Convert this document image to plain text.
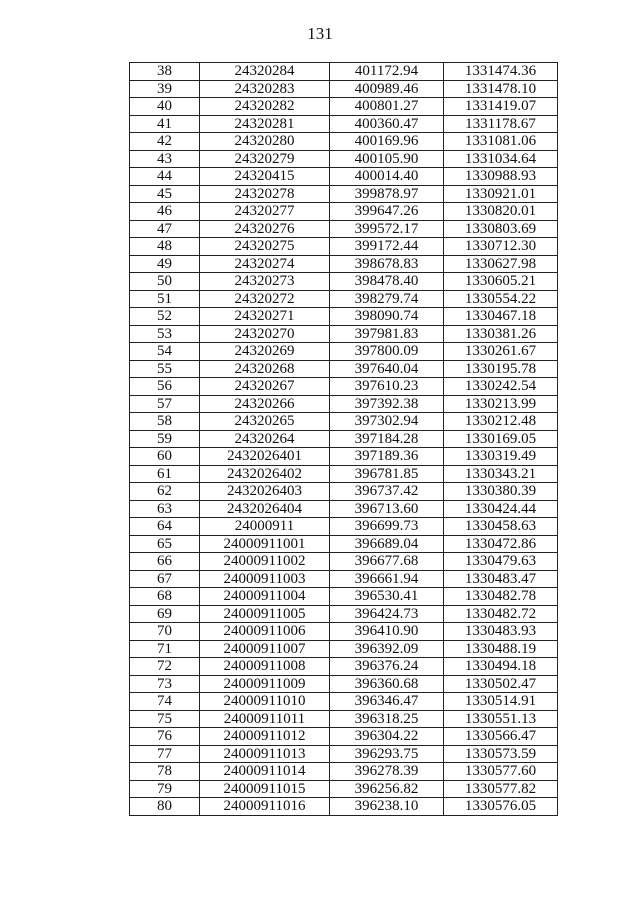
131
38	24320284	401172.94	1331474.36
39	24320283	400989.46	1331478.10
40	24320282	400801.27	1331419.07
41	24320281	400360.47	1331178.67
42	24320280	400169.96	1331081.06
43	24320279	400105.90	1331034.64
44	24320415	400014.40	1330988.93
45	24320278	399878.97	1330921.01
46	24320277	399647.26	1330820.01
47	24320276	399572.17	1330803.69
48	24320275	399172.44	1330712.30
49	24320274	398678.83	1330627.98
50	24320273	398478.40	1330605.21
51	24320272	398279.74	1330554.22
52	24320271	398090.74	1330467.18
53	24320270	397981.83	1330381.26
54	24320269	397800.09	1330261.67
55	24320268	397640.04	1330195.78
56	24320267	397610.23	1330242.54
57	24320266	397392.38	1330213.99
58	24320265	397302.94	1330212.48
59	24320264	397184.28	1330169.05
60	2432026401	397189.36	1330319.49
61	2432026402	396781.85	1330343.21
62	2432026403	396737.42	1330380.39
63	2432026404	396713.60	1330424.44
64	24000911	396699.73	1330458.63
65	24000911001	396689.04	1330472.86
66	24000911002	396677.68	1330479.63
67	24000911003	396661.94	1330483.47
68	24000911004	396530.41	1330482.78
69	24000911005	396424.73	1330482.72
70	24000911006	396410.90	1330483.93
71	24000911007	396392.09	1330488.19
72	24000911008	396376.24	1330494.18
73	24000911009	396360.68	1330502.47
74	24000911010	396346.47	1330514.91
75	24000911011	396318.25	1330551.13
76	24000911012	396304.22	1330566.47
77	24000911013	396293.75	1330573.59
78	24000911014	396278.39	1330577.60
79	24000911015	396256.82	1330577.82
80	24000911016	396238.10	1330576.05
